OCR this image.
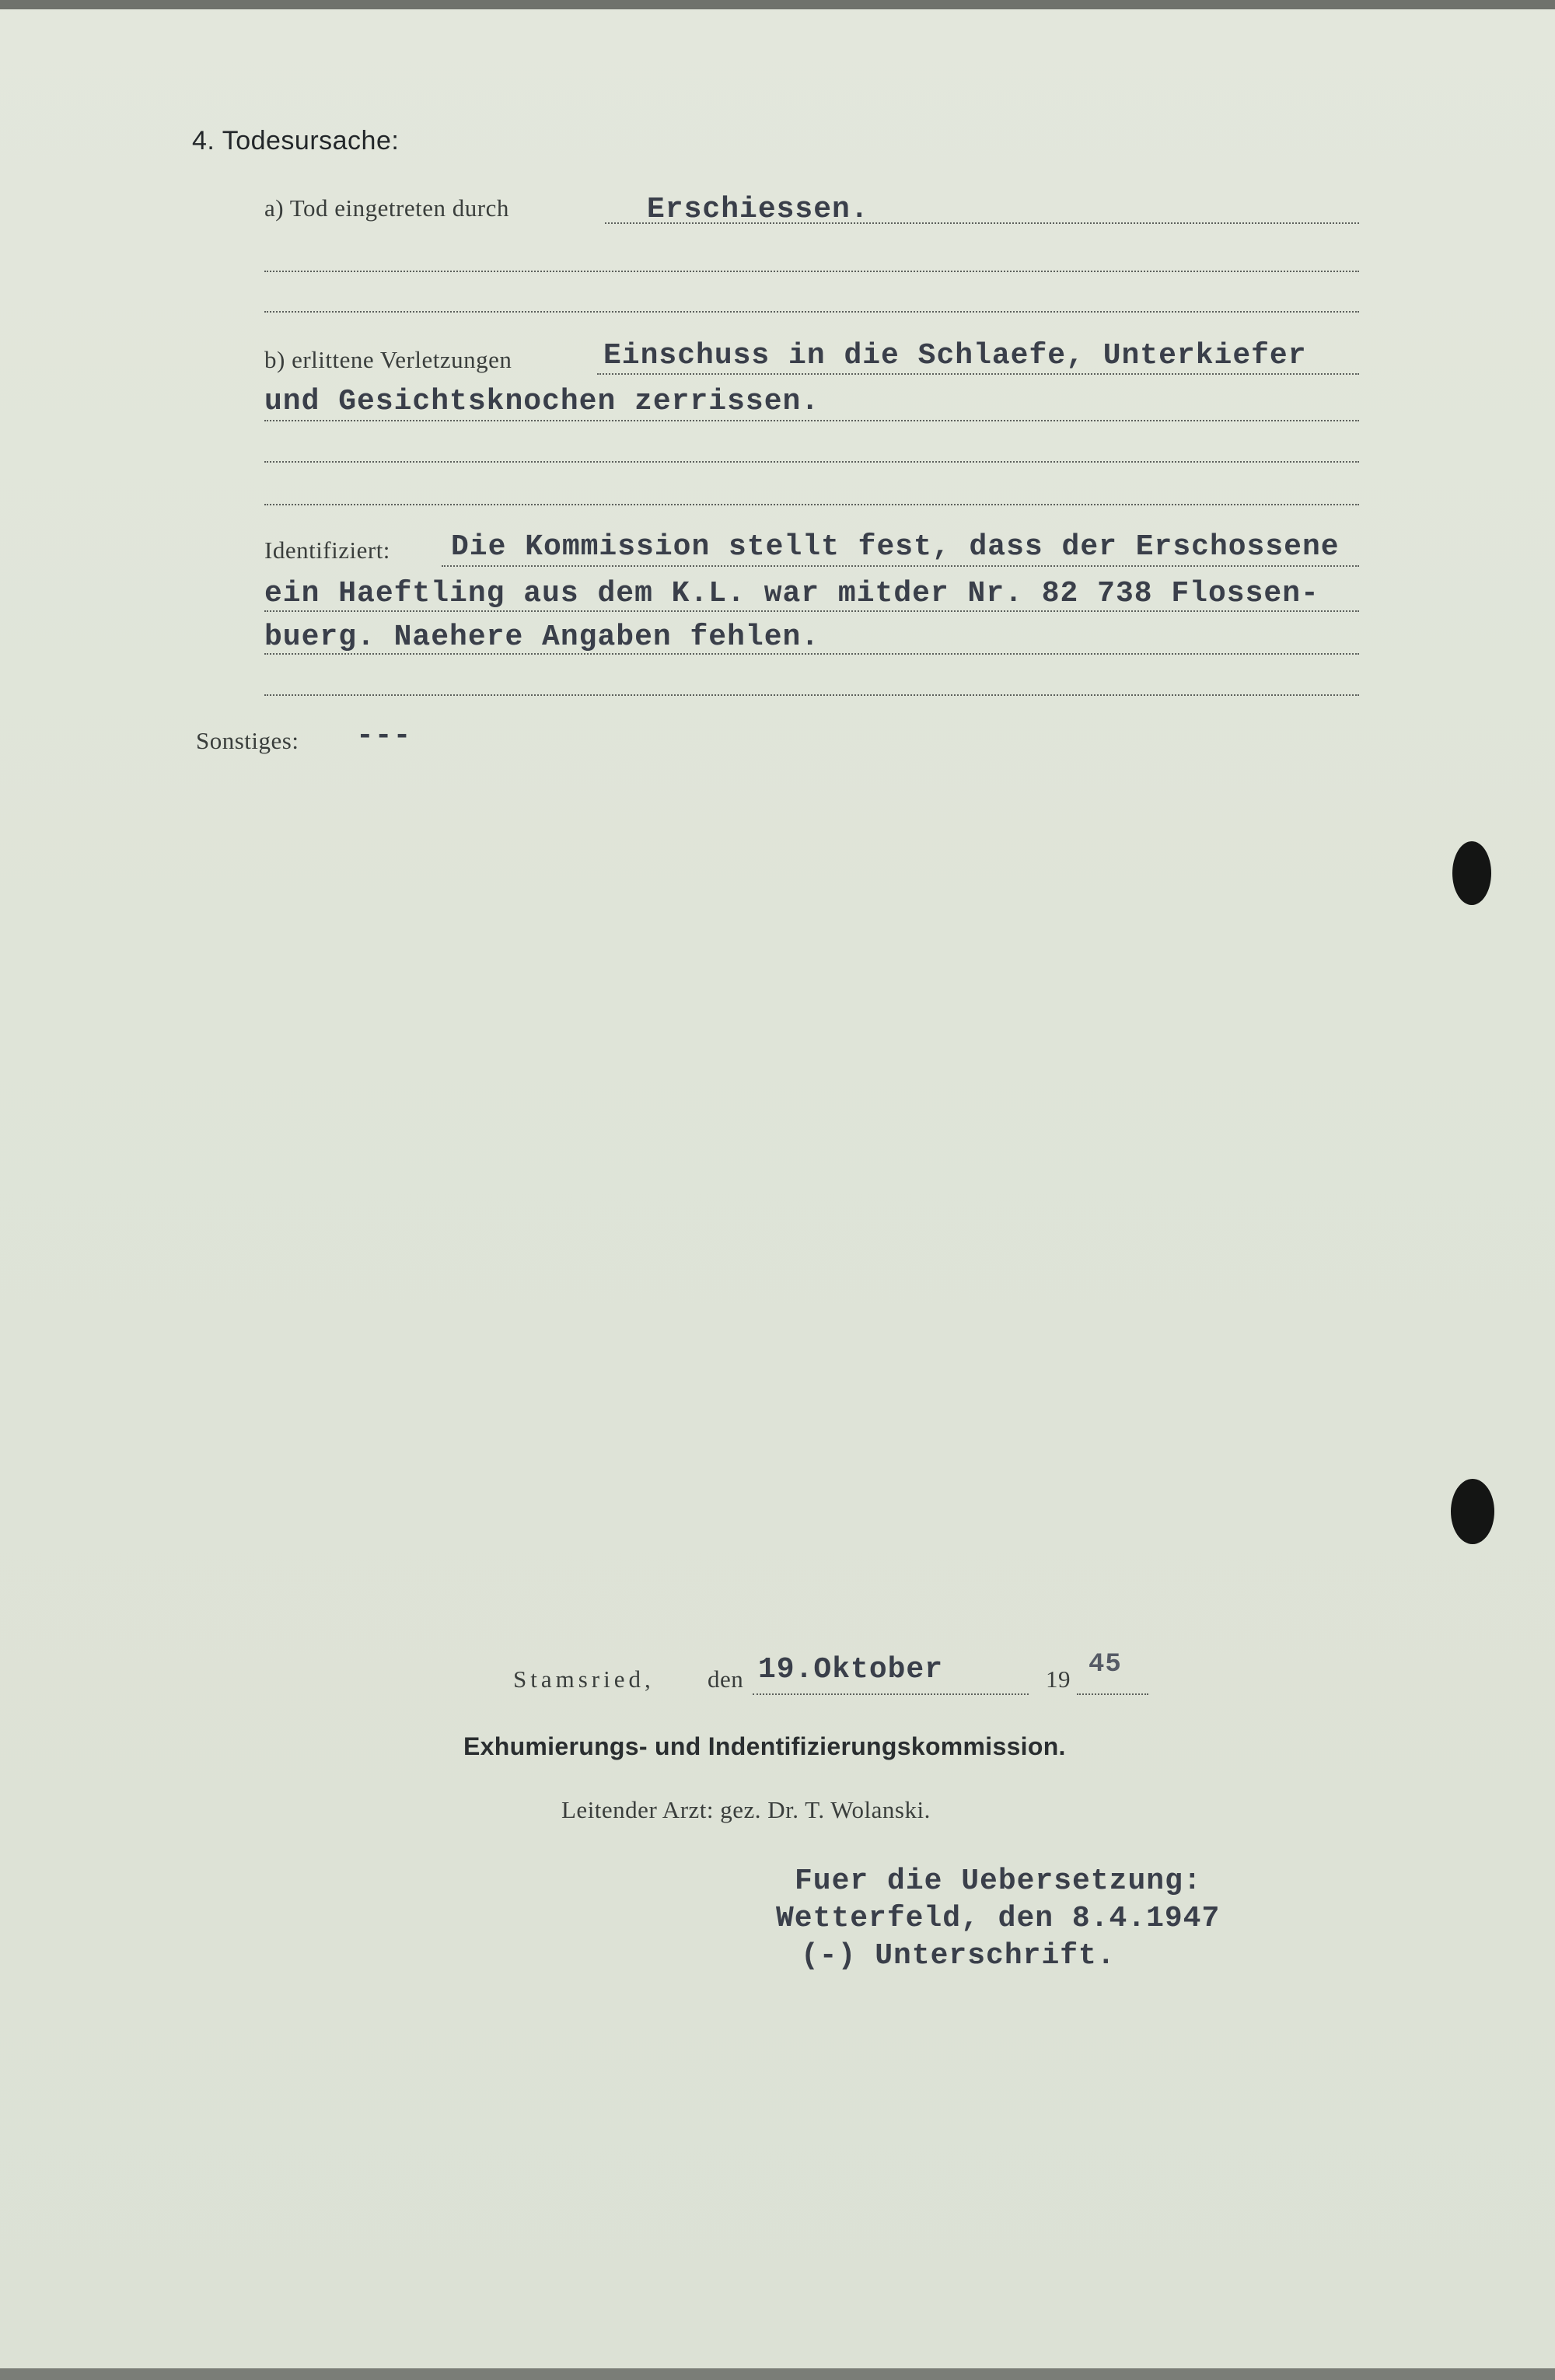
4. Todesursache:
a) Tod eingetreten durch	Erschiessen.
b) erlittene Verletzungen	Einschuss in die Schlaefe, Unterkiefer
und Gesichtsknochen zerrissen.
Identifiziert: Die Kommission stellt fest, dass der Erschossene
ein Haeftling aus dem K.L. war mitder Nr. 82 738 Flossen-
buerg. Naehere Angaben fehlen.
Sonstiges: ---
Stamsried, den 19.Oktober	19 45
Exhumierungs- und Indentifizierungskommission.
Leitender Arzt: gez. Dr. T. Wolanski.
Fuer die Uebersetzung:
Wetterfeld, den 8.4.1947
(-) Unterschrift.
